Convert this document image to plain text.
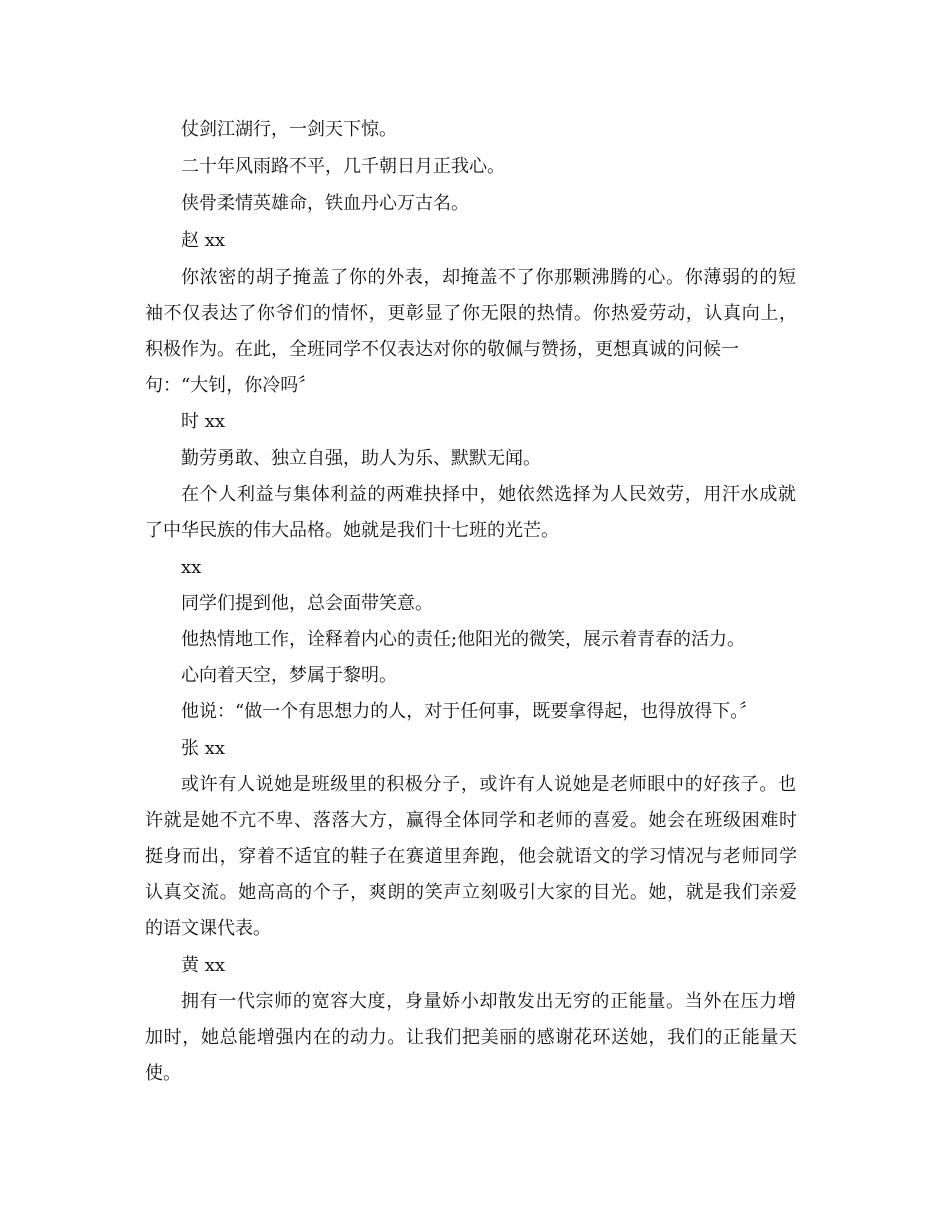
仗剑江湖行，一剑天下惊。
二十年风雨路不平，几千朝日月正我心。
侠骨柔情英雄命，铁血丹心万古名。
赵 xx
你浓密的胡子掩盖了你的外表，却掩盖不了你那颗沸腾的心。你薄弱的的短
袖不仅表达了你爷们的情怀，更彰显了你无限的热情。你热爱劳动，认真向上，
积极作为。在此，全班同学不仅表达对你的敬佩与赞扬，更想真诚的问候一
句：“大钊，你冷吗〞
时 xx
勤劳勇敢、独立自强，助人为乐、默默无闻。
在个人利益与集体利益的两难抉择中，她依然选择为人民效劳，用汗水成就
了中华民族的伟大品格。她就是我们十七班的光芒。
xx
同学们提到他，总会面带笑意。
他热情地工作，诠释着内心的责任;他阳光的微笑，展示着青春的活力。
心向着天空，梦属于黎明。
他说：“做一个有思想力的人，对于任何事，既要拿得起，也得放得下。〞
张 xx
或许有人说她是班级里的积极分子，或许有人说她是老师眼中的好孩子。也
许就是她不亢不卑、落落大方，赢得全体同学和老师的喜爱。她会在班级困难时
挺身而出，穿着不适宜的鞋子在赛道里奔跑，他会就语文的学习情况与老师同学
认真交流。她高高的个子，爽朗的笑声立刻吸引大家的目光。她，就是我们亲爱
的语文课代表。
黄 xx
拥有一代宗师的宽容大度，身量娇小却散发出无穷的正能量。当外在压力增
加时，她总能增强内在的动力。让我们把美丽的感谢花环送她，我们的正能量天
使。
